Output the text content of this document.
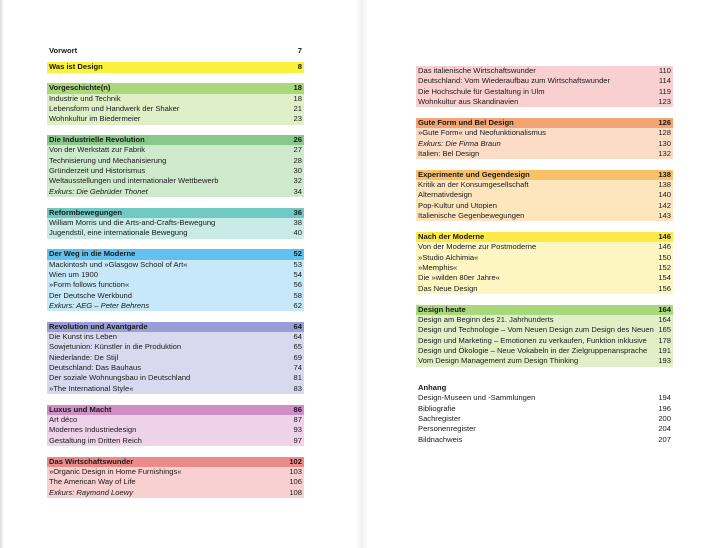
Vorwort	7
Was ist Design	8
Vorgeschichte(n)	18
Industrie und Technik	18
Lebensform und Handwerk der Shaker	21
Wohnkultur im Biedermeier	23
Die Industrielle Revolution	26
Von der Werkstatt zur Fabrik	27
Technisierung und Mechanisierung	28
Gründerzeit und Historismus	30
Weltausstellungen und internationaler Wettbewerb	32
Exkurs: Die Gebrüder Thonet	34
Reformbewegungen	36
William Morris und die Arts-and-Crafts-Bewegung	38
Jugendstil, eine internationale Bewegung	40
Der Weg in die Moderne	52
Mackintosh und »Glasgow School of Art«	53
Wien um 1900	54
»Form follows function«	56
Der Deutsche Werkbund	58
Exkurs: AEG – Peter Behrens	62
Revolution und Avantgarde	64
Die Kunst ins Leben	64
Sowjetunion: Künstler in die Produktion	65
Niederlande: De Stijl	69
Deutschland: Das Bauhaus	74
Der soziale Wohnungsbau in Deutschland	81
»The International Style«	83
Luxus und Macht	86
Art déco	87
Modernes Industriedesign	93
Gestaltung im Dritten Reich	97
Das Wirtschaftswunder	102
»Organic Design in Home Furnishings«	103
The American Way of Life	106
Exkurs: Raymond Loewy	108
Das italienische Wirtschaftswunder	110
Deutschland: Vom Wiederaufbau zum Wirtschaftswunder	114
Die Hochschule für Gestaltung in Ulm	119
Wohnkultur aus Skandinavien	123
Gute Form und Bel Design	126
»Gute Form« und Neofunktionalismus	128
Exkurs: Die Firma Braun	130
Italien: Bel Design	132
Experimente und Gegendesign	138
Kritik an der Konsumgesellschaft	138
Alternativdesign	140
Pop-Kultur und Utopien	142
Italienische Gegenbewegungen	143
Nach der Moderne	146
Von der Moderne zur Postmoderne	146
»Studio Alchimia«	150
»Memphis«	152
Die »wilden 80er Jahre«	154
Das Neue Design	156
Design heute	164
Design am Beginn des 21. Jahrhunderts	164
Design und Technologie – Vom Neuen Design zum Design des Neuen 165
Design und Marketing – Emotionen zu verkaufen, Funktion inklusive 178
Design und Ökologie – Neue Vokabeln in der Zielgruppenansprache 191
Vom Design Management zum Design Thinking	193
Anhang
Design-Museen und -Sammlungen	194
Bibliografie	196
Sachregister	200
Personenregister	204
Bildnachweis	207
